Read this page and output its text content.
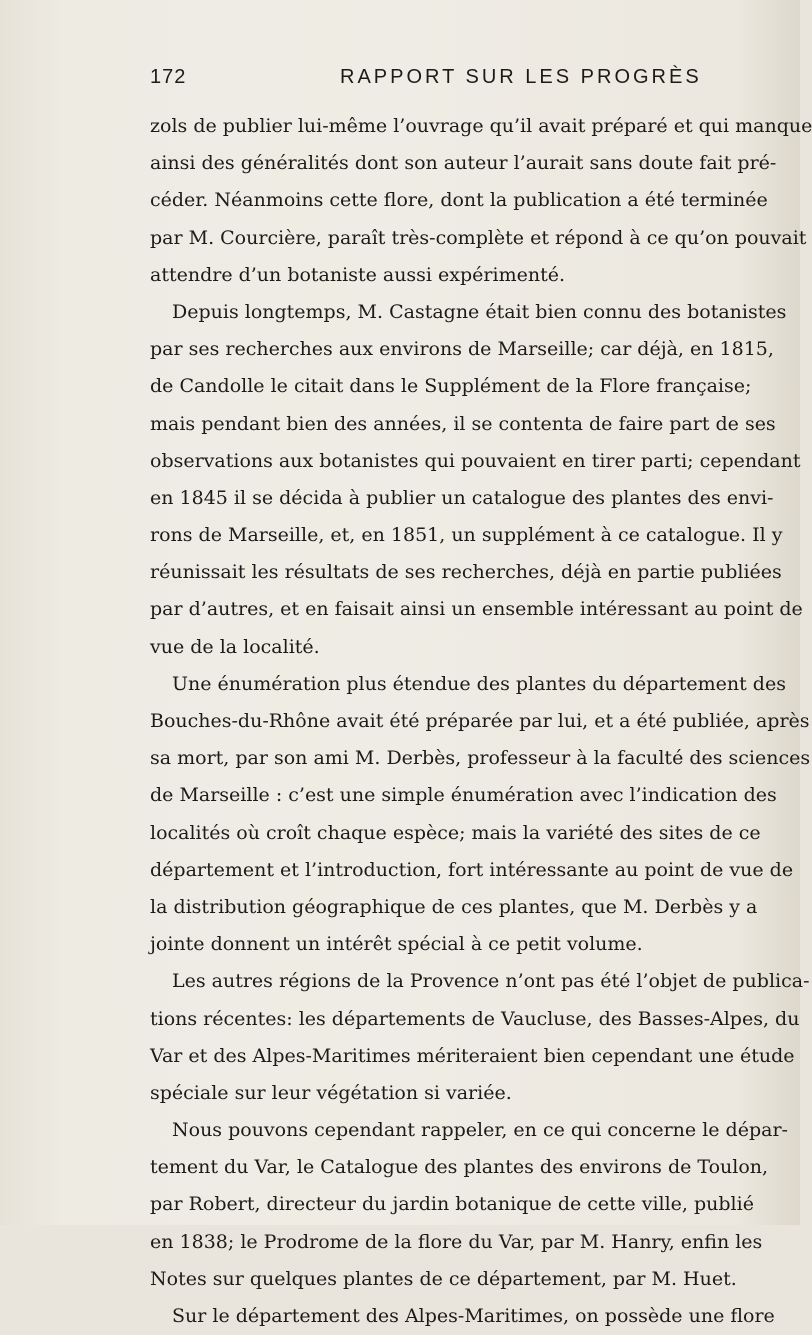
172	RAPPORT SUR LES PROGRÈS
zols de publier lui-même l’ouvrage qu’il avait préparé et qui manque
ainsi des généralités dont son auteur l’aurait sans doute fait pré-
céder. Néanmoins cette flore, dont la publication a été terminée
par M. Courcière, paraît très-complète et répond à ce qu’on pouvait
attendre d’un botaniste aussi expérimenté.
Depuis longtemps, M. Castagne était bien connu des botanistes
par ses recherches aux environs de Marseille; car déjà, en 1815,
de Candolle le citait dans le Supplément de la Flore française;
mais pendant bien des années, il se contenta de faire part de ses
observations aux botanistes qui pouvaient en tirer parti; cependant
en 1845 il se décida à publier un catalogue des plantes des envi-
rons de Marseille, et, en 1851, un supplément à ce catalogue. Il y
réunissait les résultats de ses recherches, déjà en partie publiées
par d’autres, et en faisait ainsi un ensemble intéressant au point de
vue de la localité.
Une énumération plus étendue des plantes du département des
Bouches-du-Rhône avait été préparée par lui, et a été publiée, après
sa mort, par son ami M. Derbès, professeur à la faculté des sciences
de Marseille : c’est une simple énumération avec l’indication des
localités où croît chaque espèce; mais la variété des sites de ce
département et l’introduction, fort intéressante au point de vue de
la distribution géographique de ces plantes, que M. Derbès y a
jointe donnent un intérêt spécial à ce petit volume.
Les autres régions de la Provence n’ont pas été l’objet de publica-
tions récentes: les départements de Vaucluse, des Basses-Alpes, du
Var et des Alpes-Maritimes mériteraient bien cependant une étude
spéciale sur leur végétation si variée.
Nous pouvons cependant rappeler, en ce qui concerne le dépar-
tement du Var, le Catalogue des plantes des environs de Toulon,
par Robert, directeur du jardin botanique de cette ville, publié
en 1838; le Prodrome de la flore du Var, par M. Hanry, enfin les
Notes sur quelques plantes de ce département, par M. Huet.
Sur le département des Alpes-Maritimes, on possède une flore
